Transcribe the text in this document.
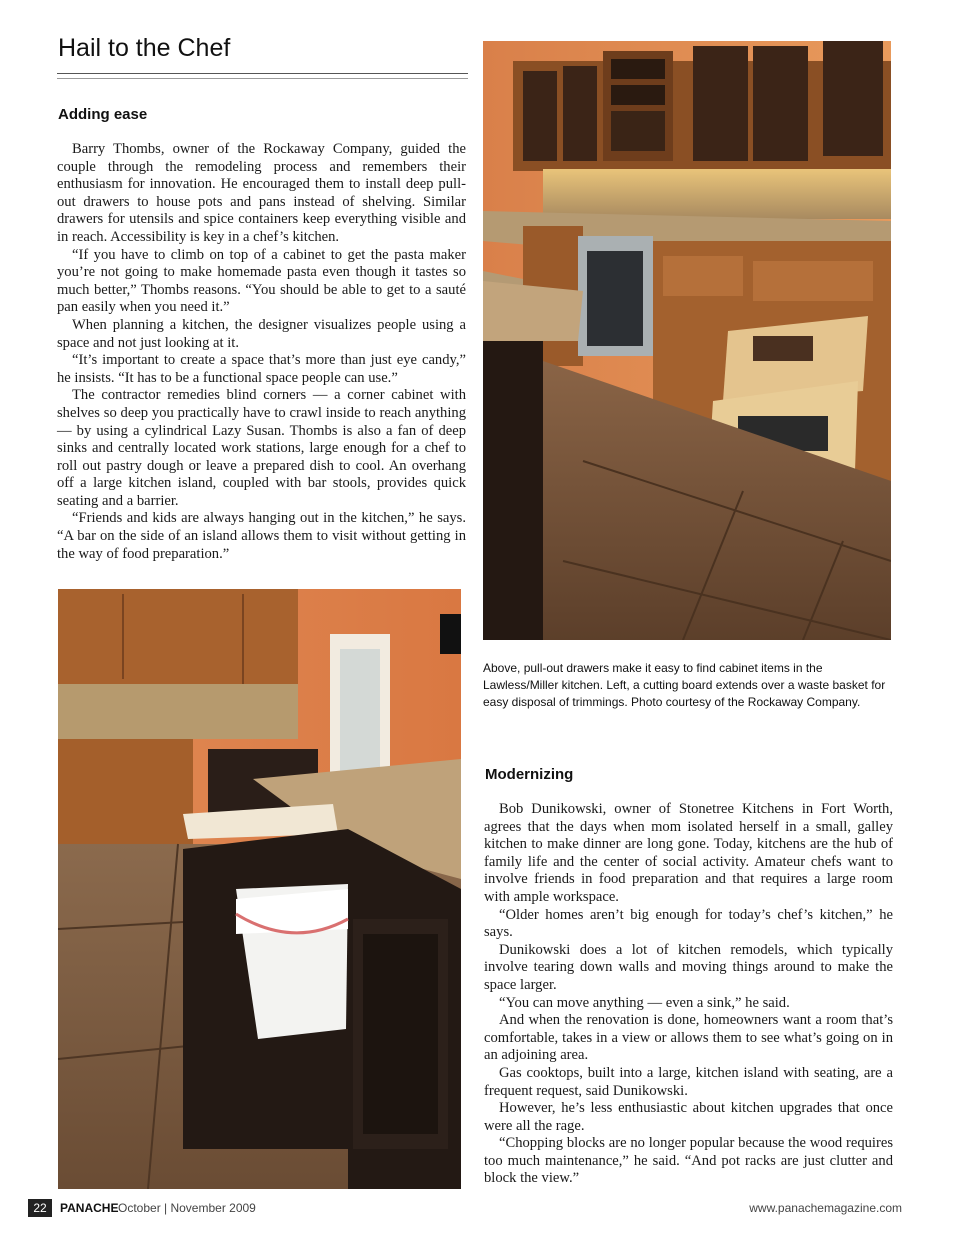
Hail to the Chef
Adding ease

Barry Thombs, owner of the Rockaway Company, guided the couple through the remodeling process and remembers their enthusiasm for innovation. He encouraged them to install deep pull-out drawers to house pots and pans instead of shelving. Similar drawers for utensils and spice containers keep everything visible and in reach. Accessibility is key in a chef’s kitchen.

“If you have to climb on top of a cabinet to get the pasta maker you’re not going to make homemade pasta even though it tastes so much better,” Thombs reasons. “You should be able to get to a sauté pan easily when you need it.”

When planning a kitchen, the designer visualizes people using a space and not just looking at it.

“It’s important to create a space that’s more than just eye candy,” he insists. “It has to be a functional space people can use.”

The contractor remedies blind corners — a corner cabinet with shelves so deep you practically have to crawl inside to reach anything — by using a cylindrical Lazy Susan. Thombs is also a fan of deep sinks and centrally located work stations, large enough for a chef to roll out pastry dough or leave a prepared dish to cool. An overhang off a large kitchen island, coupled with bar stools, provides quick seating and a barrier.

“Friends and kids are always hanging out in the kitchen,” he says. “A bar on the side of an island allows them to visit without getting in the way of food preparation.”

Above, pull-out drawers make it easy to find cabinet items in the Lawless/Miller kitchen. Left, a cutting board extends over a waste basket for easy disposal of trimmings. Photo courtesy of the Rockaway Company.

Modernizing

Bob Dunikowski, owner of Stonetree Kitchens in Fort Worth, agrees that the days when mom isolated herself in a small, galley kitchen to make dinner are long gone. Today, kitchens are the hub of family life and the center of social activity. Amateur chefs want to involve friends in food preparation and that requires a large room with ample workspace.

“Older homes aren’t big enough for today’s chef’s kitchen,” he says.

Dunikowski does a lot of kitchen remodels, which typically involve tearing down walls and moving things around to make the space larger.

“You can move anything — even a sink,” he said.

And when the renovation is done, homeowners want a room that’s comfortable, takes in a view or allows them to see what’s going on in an adjoining area.

Gas cooktops, built into a large, kitchen island with seating, are a frequent request, said Dunikowski.

However, he’s less enthusiastic about kitchen upgrades that once were all the rage.

“Chopping blocks are no longer popular because the wood requires too much maintenance,” he said. “And pot racks are just clutter and block the view.”

22	PANACHE October | November 2009	www.panachemagazine.com
